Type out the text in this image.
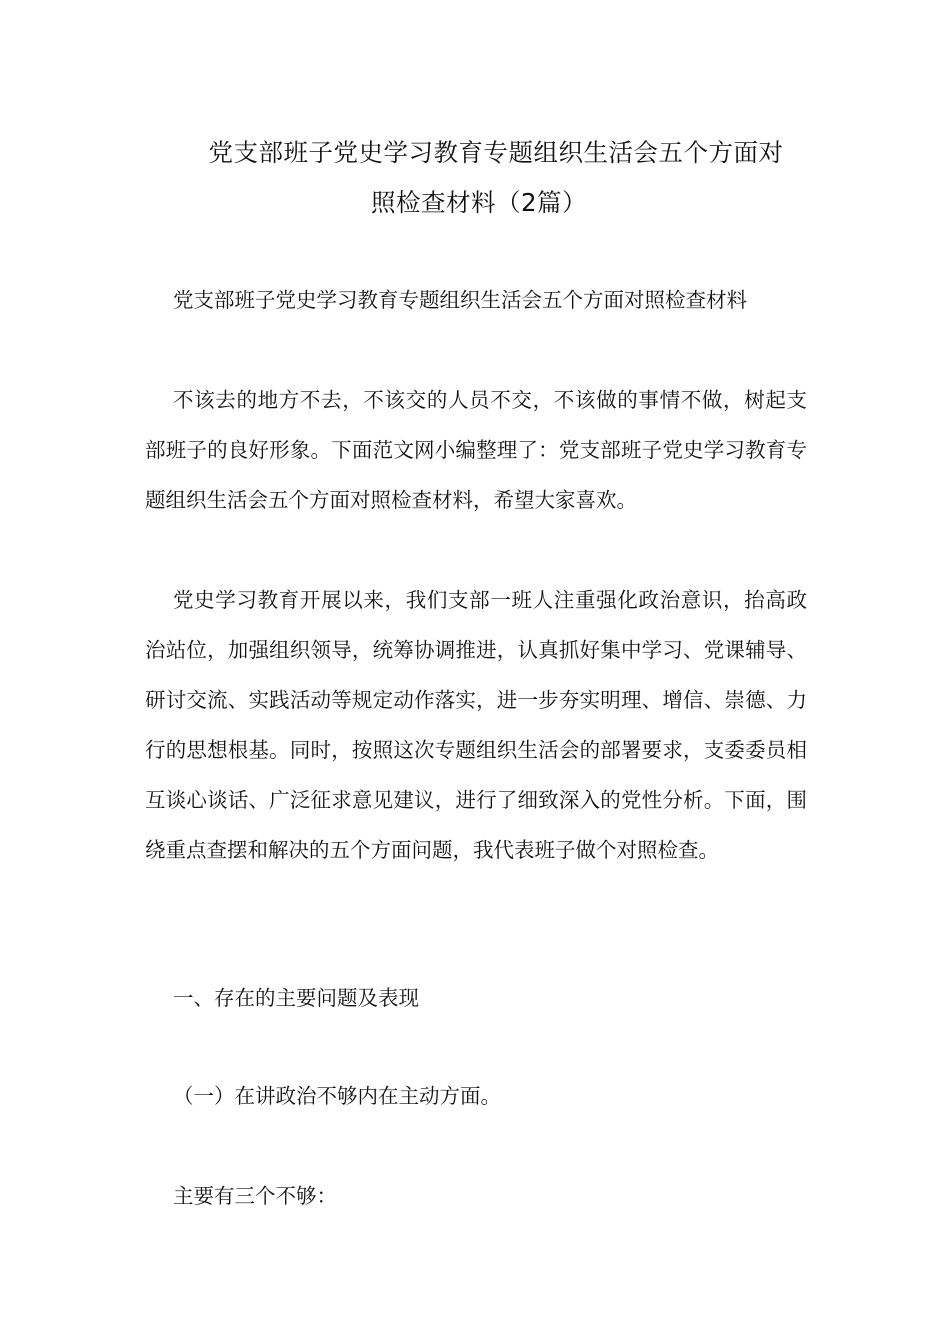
党支部班子党史学习教育专题组织生活会五个方面对
照检查材料（2篇）
党支部班子党史学习教育专题组织生活会五个方面对照检查材料

不该去的地方不去，不该交的人员不交，不该做的事情不做，树起支部班子的良好形象。下面范文网小编整理了：党支部班子党史学习教育专题组织生活会五个方面对照检查材料，希望大家喜欢。

党史学习教育开展以来，我们支部一班人注重强化政治意识，抬高政治站位，加强组织领导，统筹协调推进，认真抓好集中学习、党课辅导、研讨交流、实践活动等规定动作落实，进一步夯实明理、增信、崇德、力行的思想根基。同时，按照这次专题组织生活会的部署要求，支委委员相互谈心谈话、广泛征求意见建议，进行了细致深入的党性分析。下面，围绕重点查摆和解决的五个方面问题，我代表班子做个对照检查。

一、存在的主要问题及表现

（一）在讲政治不够内在主动方面。

主要有三个不够：
